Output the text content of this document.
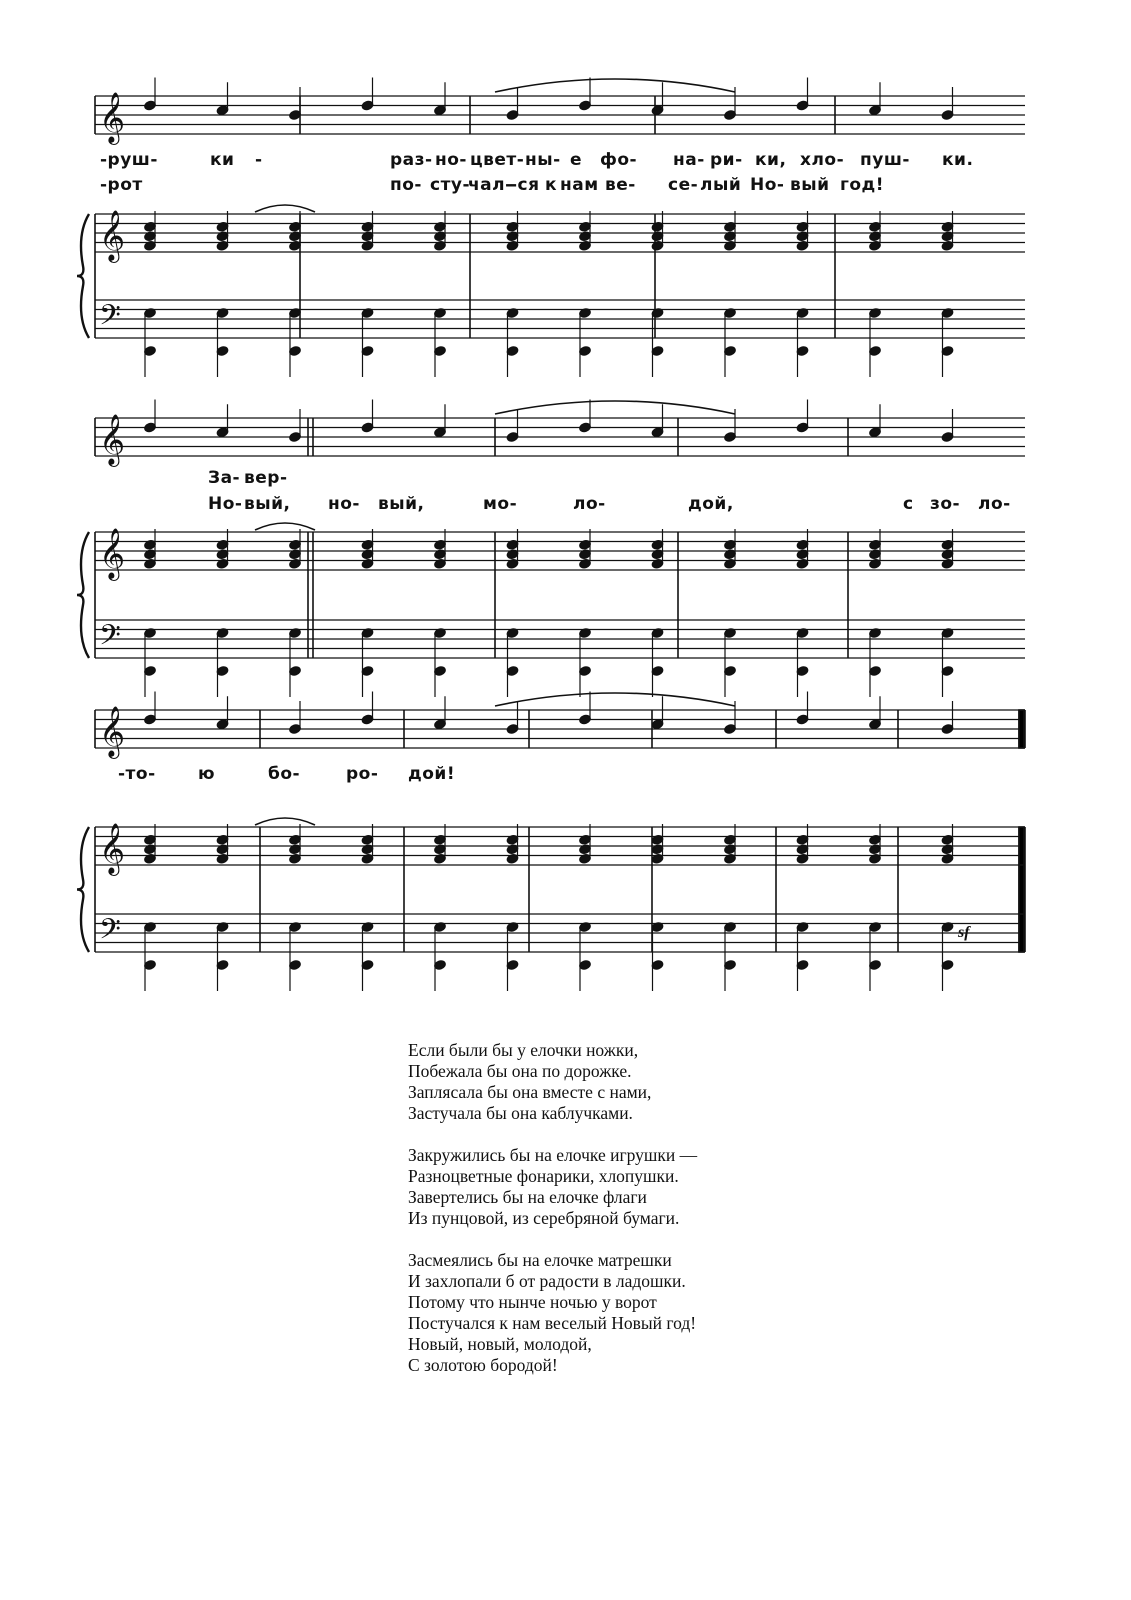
𝄞
𝄞
𝄢
𝄞
𝄞
𝄢
𝄞
𝄞
𝄢
-руш-	ки -	раз- но- цвет- ны- е фо- на- ри- ки, хло- пуш- ки.
-рот	по- сту-
чал-
-ся к нам ве- се- лый Но- вый год!
За- вер-
Но- вый, но- вый,	мо-	ло-	дой,	с зо- ло-
-то- ю	бо-	ро- дой!
sf
Если были бы у елочки ножки,
Побежала бы она по дорожке.
Заплясала бы она вместе с нами,
Застучала бы она каблучками.
Закружились бы на елочке игрушки —
Разноцветные фонарики, хлопушки.
Завертелись бы на елочке флаги
Из пунцовой, из серебряной бумаги.
Засмеялись бы на елочке матрешки
И захлопали б от радости в ладошки.
Потому что нынче ночью у ворот
Постучался к нам веселый Новый год!
Новый, новый, молодой,
С золотою бородой!
